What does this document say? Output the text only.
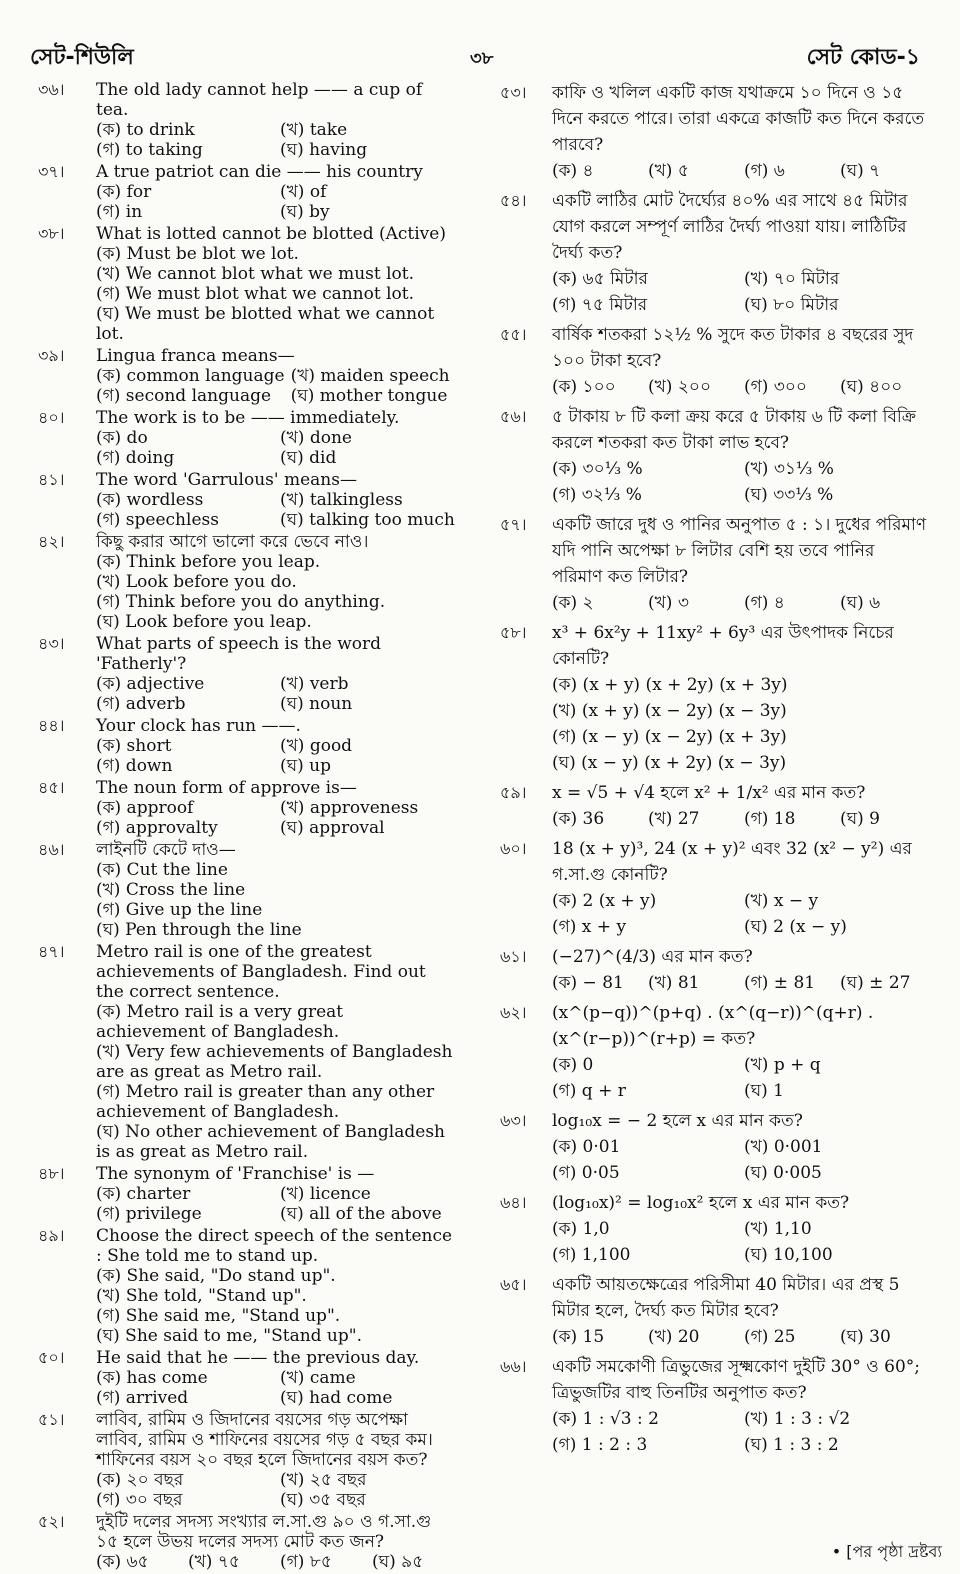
সেট-শিউলি	৩৮	সেট কোড-১
৩৬।	The old lady cannot help —— a cup of tea.
(ক) to drink	(খ) take
(গ) to taking	(ঘ) having
৩৭।	A true patriot can die —— his country
(ক) for	(খ) of
(গ) in	(ঘ) by
৩৮।	What is lotted cannot be blotted (Active)
(ক) Must be blot we lot.
(খ) We cannot blot what we must lot.
(গ) We must blot what we cannot lot.
(ঘ) We must be blotted what we cannot lot.
৩৯।	Lingua franca means—
(ক) common language (খ) maiden speech
(গ) second language	(ঘ) mother tongue
৪০।	The work is to be —— immediately.
(ক) do	(খ) done
(গ) doing	(ঘ) did
৪১।	The word 'Garrulous' means—
(ক) wordless	(খ) talkingless
(গ) speechless	(ঘ) talking too much
৪২।	কিছু করার আগে ভালো করে ভেবে নাও।
(ক) Think before you leap.
(খ) Look before you do.
(গ) Think before you do anything.
(ঘ) Look before you leap.
৪৩।	What parts of speech is the word 'Fatherly'?
(ক) adjective	(খ) verb
(গ) adverb	(ঘ) noun
৪৪।	Your clock has run ——.
(ক) short	(খ) good
(গ) down	(ঘ) up
৪৫।	The noun form of approve is—
(ক) approof	(খ) approveness
(গ) approvalty	(ঘ) approval
৪৬।	লাইনটি কেটে দাও—
(ক) Cut the line
(খ) Cross the line
(গ) Give up the line
(ঘ) Pen through the line
৪৭।	Metro rail is one of the greatest achievements of Bangladesh. Find out the correct sentence.
(ক) Metro rail is a very great achievement of Bangladesh.
(খ) Very few achievements of Bangladesh are as great as Metro rail.
(গ) Metro rail is greater than any other achievement of Bangladesh.
(ঘ) No other achievement of Bangladesh is as great as Metro rail.
৪৮।	The synonym of 'Franchise' is —
(ক) charter	(খ) licence
(গ) privilege	(ঘ) all of the above
৪৯।	Choose the direct speech of the sentence : She told me to stand up.
(ক) She said, "Do stand up".
(খ) She told, "Stand up".
(গ) She said me, "Stand up".
(ঘ) She said to me, "Stand up".
৫০।	He said that he —— the previous day.
(ক) has come	(খ) came
(গ) arrived	(ঘ) had come
৫১।	লাবিব, রামিম ও জিদানের বয়সের গড় অপেক্ষা লাবিব, রামিম ও শাফিনের বয়সের গড় ৫ বছর কম। শাফিনের বয়স ২০ বছর হলে জিদানের বয়স কত?
(ক) ২০ বছর	(খ) ২৫ বছর
(গ) ৩০ বছর	(ঘ) ৩৫ বছর
৫২।	দুইটি দলের সদস্য সংখ্যার ল.সা.গু ৯০ ও গ.সা.গু ১৫ হলে উভয় দলের সদস্য মোট কত জন?
(ক) ৬৫	(খ) ৭৫	(গ) ৮৫	(ঘ) ৯৫
৫৩।	কাফি ও খলিল একটি কাজ যথাক্রমে ১০ দিনে ও ১৫ দিনে করতে পারে। তারা একত্রে কাজটি কত দিনে করতে পারবে?
(ক) ৪	(খ) ৫	(গ) ৬	(ঘ) ৭
৫৪।	একটি লাঠির মোট দৈর্ঘ্যের ৪০% এর সাথে ৪৫ মিটার যোগ করলে সম্পূর্ণ লাঠির দৈর্ঘ্য পাওয়া যায়। লাঠিটির দৈর্ঘ্য কত?
(ক) ৬৫ মিটার	(খ) ৭০ মিটার
(গ) ৭৫ মিটার	(ঘ) ৮০ মিটার
৫৫।	বার্ষিক শতকরা ১২½ % সুদে কত টাকার ৪ বছরের সুদ ১০০ টাকা হবে?
(ক) ১০০	(খ) ২০০	(গ) ৩০০	(ঘ) ৪০০
৫৬।	৫ টাকায় ৮ টি কলা ক্রয় করে ৫ টাকায় ৬ টি কলা বিক্রি করলে শতকরা কত টাকা লাভ হবে?
(ক) ৩০⅓ %	(খ) ৩১⅓ %
(গ) ৩২⅓ %	(ঘ) ৩৩⅓ %
৫৭।	একটি জারে দুধ ও পানির অনুপাত ৫ : ১। দুধের পরিমাণ যদি পানি অপেক্ষা ৮ লিটার বেশি হয় তবে পানির পরিমাণ কত লিটার?
(ক) ২	(খ) ৩	(গ) ৪	(ঘ) ৬
৫৮।	x³ + 6x²y + 11xy² + 6y³ এর উৎপাদক নিচের কোনটি?
(ক) (x + y) (x + 2y) (x + 3y)
(খ) (x + y) (x − 2y) (x − 3y)
(গ) (x − y) (x − 2y) (x + 3y)
(ঘ) (x − y) (x + 2y) (x − 3y)
৫৯।	x = √5 + √4 হলে x² + 1/x² এর মান কত?
(ক) 36	(খ) 27	(গ) 18	(ঘ) 9
৬০।	18 (x + y)³, 24 (x + y)² এবং 32 (x² − y²) এর গ.সা.গু কোনটি?
(ক) 2 (x + y)	(খ) x − y
(গ) x + y	(ঘ) 2 (x − y)
৬১।	(−27)^(4/3) এর মান কত?
(ক) − 81	(খ) 81	(গ) ± 81	(ঘ) ± 27
৬২।	(x^(p−q))^(p+q) . (x^(q−r))^(q+r) . (x^(r−p))^(r+p) = কত?
(ক) 0	(খ) p + q
(গ) q + r	(ঘ) 1
৬৩।	log₁₀x = − 2 হলে x এর মান কত?
(ক) 0·01	(খ) 0·001
(গ) 0·05	(ঘ) 0·005
৬৪।	(log₁₀x)² = log₁₀x² হলে x এর মান কত?
(ক) 1,0	(খ) 1,10
(গ) 1,100	(ঘ) 10,100
৬৫।	একটি আয়তক্ষেত্রের পরিসীমা 40 মিটার। এর প্রস্থ 5 মিটার হলে, দৈর্ঘ্য কত মিটার হবে?
(ক) 15	(খ) 20	(গ) 25	(ঘ) 30
৬৬।	একটি সমকোণী ত্রিভুজের সূক্ষ্মকোণ দুইটি 30° ও 60°; ত্রিভুজটির বাহু তিনটির অনুপাত কত?
(ক) 1 : √3 : 2	(খ) 1 : 3 : √2
(গ) 1 : 2 : 3	(ঘ) 1 : 3 : 2
• [পর পৃষ্ঠা দ্রষ্টব্য
